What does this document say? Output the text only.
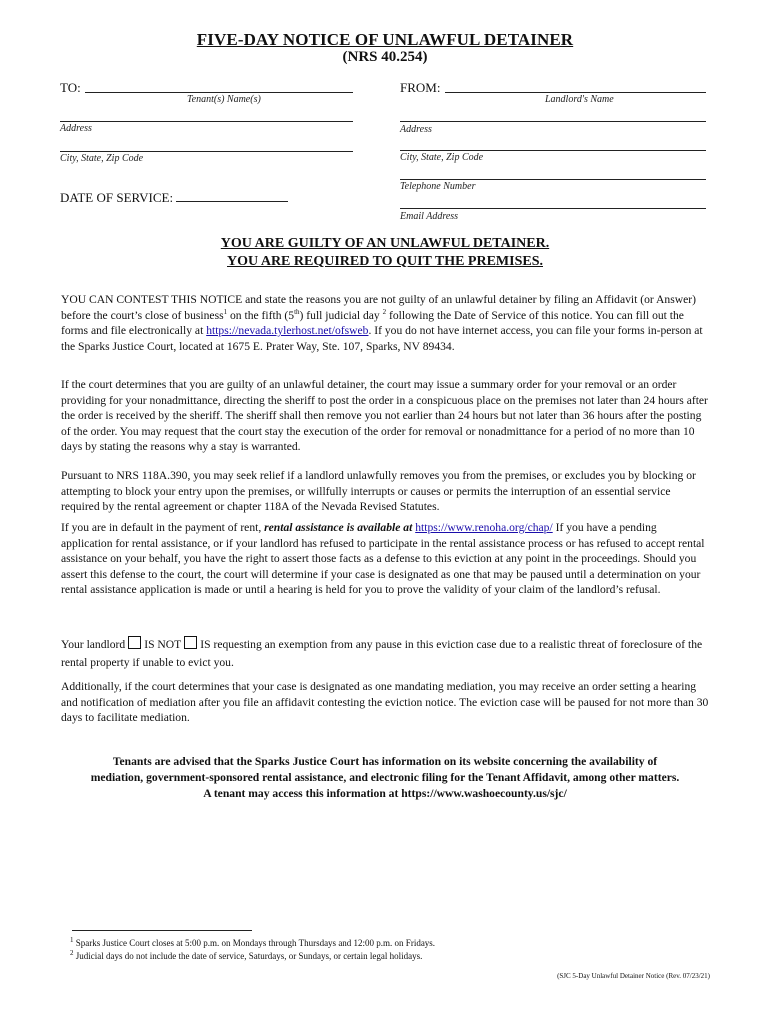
FIVE-DAY NOTICE OF UNLAWFUL DETAINER
(NRS 40.254)
TO:
Tenant(s) Name(s)
Address
City, State, Zip Code
DATE OF SERVICE:
FROM:
Landlord's Name
Address
City, State, Zip Code
Telephone Number
Email Address
YOU ARE GUILTY OF AN UNLAWFUL DETAINER.
YOU ARE REQUIRED TO QUIT THE PREMISES.
YOU CAN CONTEST THIS NOTICE and state the reasons you are not guilty of an unlawful detainer by filing an Affidavit (or Answer) before the court’s close of business$^1$ on the fifth (5th) full judicial day $^2$ following the Date of Service of this notice. You can fill out the forms and file electronically at https://nevada.tylerhost.net/ofsweb. If you do not have internet access, you can file your forms in-person at the Sparks Justice Court, located at 1675 E. Prater Way, Ste. 107, Sparks, NV 89434.
If the court determines that you are guilty of an unlawful detainer, the court may issue a summary order for your removal or an order providing for your nonadmittance, directing the sheriff to post the order in a conspicuous place on the premises not later than 24 hours after the order is received by the sheriff. The sheriff shall then remove you not earlier than 24 hours but not later than 36 hours after the posting of the order. You may request that the court stay the execution of the order for removal or nonadmittance for a period of no more than 10 days by stating the reasons why a stay is warranted.
Pursuant to NRS 118A.390, you may seek relief if a landlord unlawfully removes you from the premises, or excludes you by blocking or attempting to block your entry upon the premises, or willfully interrupts or causes or permits the interruption of an essential service required by the rental agreement or chapter 118A of the Nevada Revised Statutes.
If you are in default in the payment of rent, rental assistance is available at https://www.renoha.org/chap/ If you have a pending application for rental assistance, or if your landlord has refused to participate in the rental assistance process or has refused to accept rental assistance on your behalf, you have the right to assert those facts as a defense to this eviction at any point in the proceedings. Should you assert this defense to the court, the court will determine if your case is designated as one that may be paused until a determination on your rental assistance application is made or until a hearing is held for you to prove the validity of your claim of the landlord’s refusal.
Your landlord IS NOT IS requesting an exemption from any pause in this eviction case due to a realistic threat of foreclosure of the rental property if unable to evict you.
Additionally, if the court determines that your case is designated as one mandating mediation, you may receive an order setting a hearing and notification of mediation after you file an affidavit contesting the eviction notice. The eviction case will be paused for not more than 30 days to facilitate mediation.
Tenants are advised that the Sparks Justice Court has information on its website concerning the availability of
mediation, government-sponsored rental assistance, and electronic filing for the Tenant Affidavit, among other matters.
A tenant may access this information at https://www.washoecounty.us/sjc/
$^1$ Sparks Justice Court closes at 5:00 p.m. on Mondays through Thursdays and 12:00 p.m. on Fridays.
$^2$ Judicial days do not include the date of service, Saturdays, or Sundays, or certain legal holidays.
(SJC 5-Day Unlawful Detainer Notice (Rev. 07/23/21)
